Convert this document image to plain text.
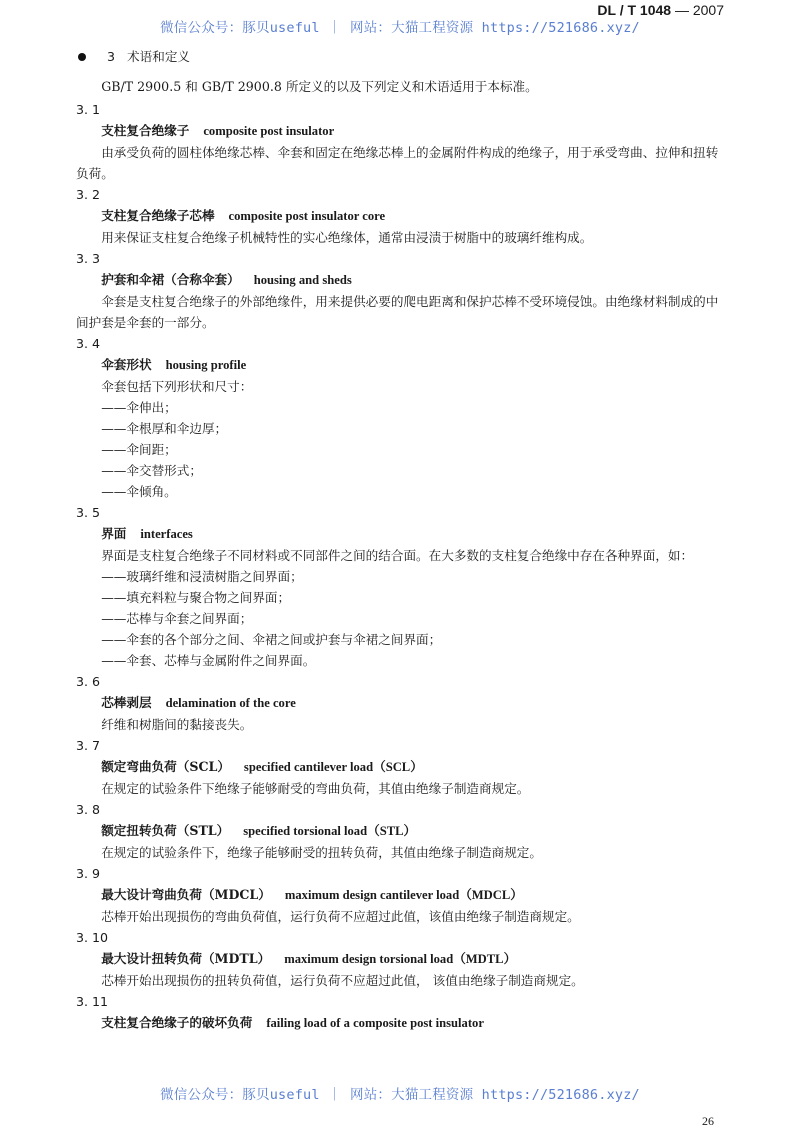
微信公众号：豚贝useful ｜ 网站：大猫工程资源 https://521686.xyz/
DL / T 1048 — 2007
3 术语和定义
GB/T 2900.5 和 GB/T 2900.8 所定义的以及下列定义和术语适用于本标准。
3. 1
支柱复合绝缘子 composite post insulator
由承受负荷的圆柱体绝缘芯棒、伞套和固定在绝缘芯棒上的金属附件构成的绝缘子，用于承受弯曲、拉伸和扭转负荷。
3. 2
支柱复合绝缘子芯棒 composite post insulator core
用来保证支柱复合绝缘子机械特性的实心绝缘体，通常由浸渍于树脂中的玻璃纤维构成。
3. 3
护套和伞裙（合称伞套） housing and sheds
伞套是支柱复合绝缘子的外部绝缘件，用来提供必要的爬电距离和保护芯棒不受环境侵蚀。由绝缘材料制成的中间护套是伞套的一部分。
3. 4
伞套形状 housing profile
伞套包括下列形状和尺寸：
——伞伸出；
——伞根厚和伞边厚；
——伞间距；
——伞交替形式；
——伞倾角。
3. 5
界面 interfaces
界面是支柱复合绝缘子不同材料或不同部件之间的结合面。在大多数的支柱复合绝缘中存在各种界面，如：
——玻璃纤维和浸渍树脂之间界面；
——填充料粒与聚合物之间界面；
——芯棒与伞套之间界面；
——伞套的各个部分之间、伞裙之间或护套与伞裙之间界面；
——伞套、芯棒与金属附件之间界面。
3. 6
芯棒剥层 delamination of the core
纤维和树脂间的黏接丧失。
3. 7
额定弯曲负荷（SCL） specified cantilever load（SCL）
在规定的试验条件下绝缘子能够耐受的弯曲负荷，其值由绝缘子制造商规定。
3. 8
额定扭转负荷（STL） specified torsional load（STL）
在规定的试验条件下，绝缘子能够耐受的扭转负荷，其值由绝缘子制造商规定。
3. 9
最大设计弯曲负荷（MDCL） maximum design cantilever load（MDCL）
芯棒开始出现损伤的弯曲负荷值，运行负荷不应超过此值，该值由绝缘子制造商规定。
3. 10
最大设计扭转负荷（MDTL） maximum design torsional load（MDTL）
芯棒开始出现损伤的扭转负荷值，运行负荷不应超过此值， 该值由绝缘子制造商规定。
3. 11
支柱复合绝缘子的破坏负荷 failing load of a composite post insulator
微信公众号：豚贝useful ｜ 网站：大猫工程资源 https://521686.xyz/
26
